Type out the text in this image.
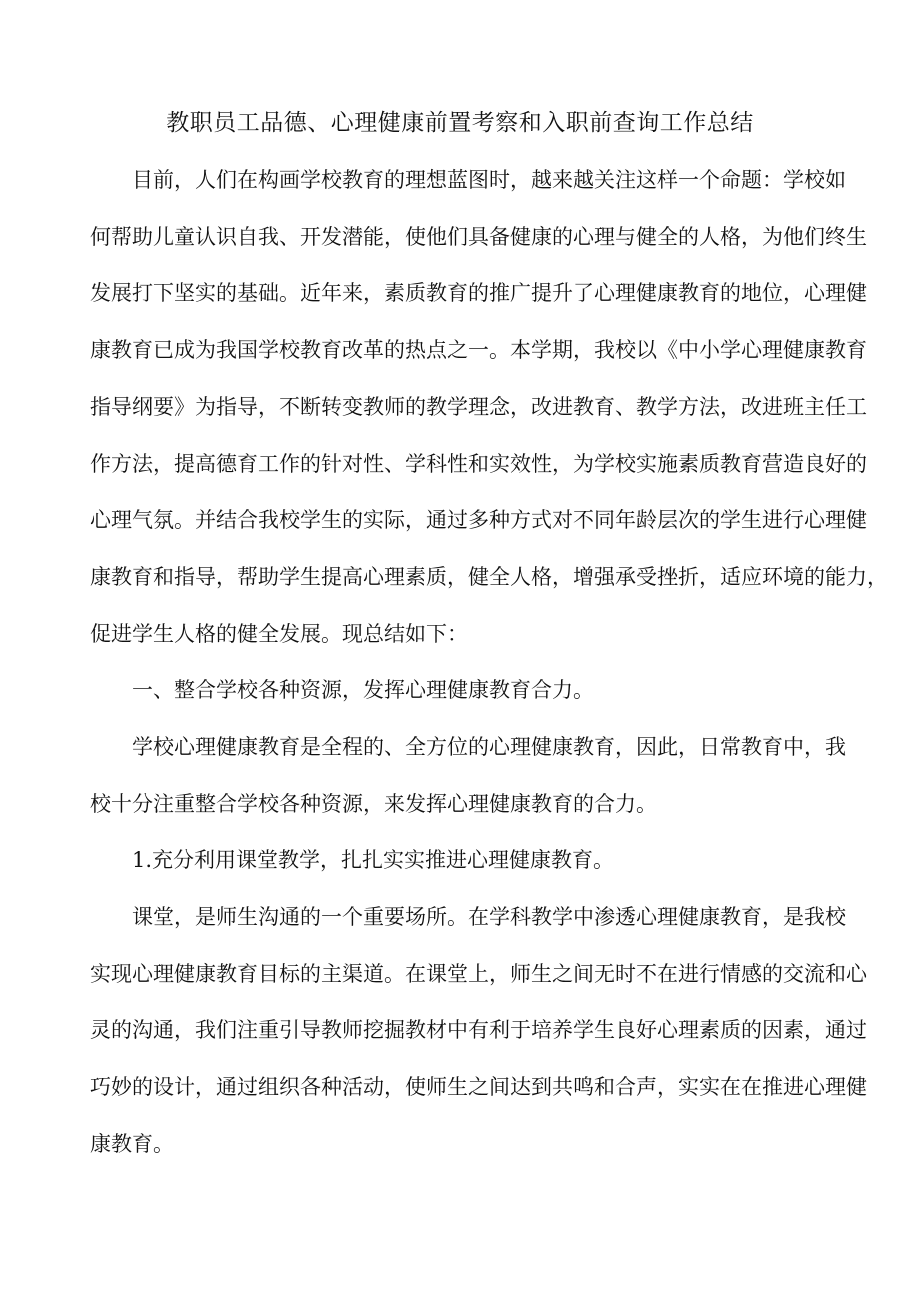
教职员工品德、心理健康前置考察和入职前查询工作总结
目前，人们在构画学校教育的理想蓝图时，越来越关注这样一个命题：学校如
何帮助儿童认识自我、开发潜能，使他们具备健康的心理与健全的人格，为他们终生
发展打下坚实的基础。近年来，素质教育的推广提升了心理健康教育的地位，心理健
康教育已成为我国学校教育改革的热点之一。本学期，我校以《中小学心理健康教育
指导纲要》为指导，不断转变教师的教学理念，改进教育、教学方法，改进班主任工
作方法，提高德育工作的针对性、学科性和实效性，为学校实施素质教育营造良好的
心理气氛。并结合我校学生的实际，通过多种方式对不同年龄层次的学生进行心理健
康教育和指导，帮助学生提高心理素质，健全人格，增强承受挫折，适应环境的能力，
促进学生人格的健全发展。现总结如下：
一、整合学校各种资源，发挥心理健康教育合力。
学校心理健康教育是全程的、全方位的心理健康教育，因此，日常教育中，我
校十分注重整合学校各种资源，来发挥心理健康教育的合力。
1.充分利用课堂教学，扎扎实实推进心理健康教育。
课堂，是师生沟通的一个重要场所。在学科教学中渗透心理健康教育，是我校
实现心理健康教育目标的主渠道。在课堂上，师生之间无时不在进行情感的交流和心
灵的沟通，我们注重引导教师挖掘教材中有利于培养学生良好心理素质的因素，通过
巧妙的设计，通过组织各种活动，使师生之间达到共鸣和合声，实实在在推进心理健
康教育。
